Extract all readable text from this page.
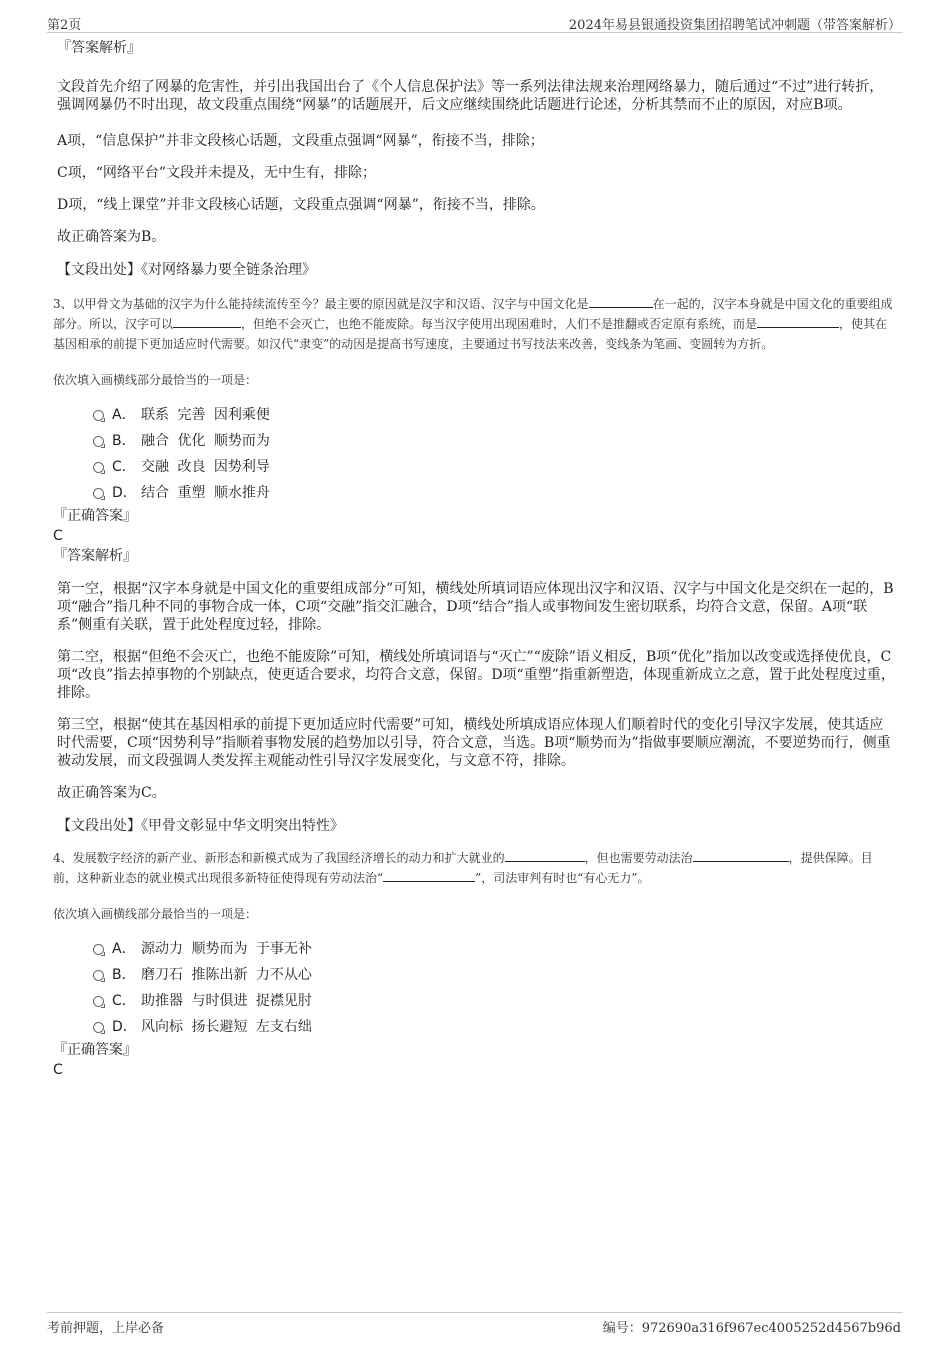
第2页	2024年易县银通投资集团招聘笔试冲刺题（带答案解析）
『答案解析』

文段首先介绍了网暴的危害性，并引出我国出台了《个人信息保护法》等一系列法律法规来治理网络暴力，随后通过“不过”进行转折，强调网暴仍不时出现，故文段重点围绕“网暴”的话题展开，后文应继续围绕此话题进行论述，分析其禁而不止的原因，对应B项。

A项，“信息保护”并非文段核心话题，文段重点强调“网暴”，衔接不当，排除；

C项，“网络平台”文段并未提及，无中生有，排除；

D项，“线上课堂”并非文段核心话题，文段重点强调“网暴”，衔接不当，排除。

故正确答案为B。

【文段出处】《对网络暴力要全链条治理》

3、以甲骨文为基础的汉字为什么能持续流传至今？最主要的原因就是汉字和汉语、汉字与中国文化是	在一起的，汉字本身就是中国文化的重要组成部分。所以，汉字可以	，但绝不会灭亡，也绝不能废除。每当汉字使用出现困难时，人们不是推翻或否定原有系统，而是	，使其在基因相承的前提下更加适应时代需要。如汉代“隶变”的动因是提高书写速度，主要通过书写技法来改善，变线条为笔画、变圆转为方折。

依次填入画横线部分最恰当的一项是：

A． 联系 完善 因利乘便
B． 融合 优化 顺势而为
C． 交融 改良 因势利导
D． 结合 重塑 顺水推舟
『正确答案』
C
『答案解析』

第一空，根据“汉字本身就是中国文化的重要组成部分”可知，横线处所填词语应体现出汉字和汉语、汉字与中国文化是交织在一起的，B项“融合”指几种不同的事物合成一体，C项“交融”指交汇融合，D项“结合”指人或事物间发生密切联系，均符合文意，保留。A项“联系”侧重有关联，置于此处程度过轻，排除。

第二空，根据“但绝不会灭亡，也绝不能废除”可知，横线处所填词语与“灭亡”“废除”语义相反，B项“优化”指加以改变或选择使优良，C项“改良”指去掉事物的个别缺点，使更适合要求，均符合文意，保留。D项“重塑”指重新塑造，体现重新成立之意，置于此处程度过重，排除。

第三空，根据“使其在基因相承的前提下更加适应时代需要”可知，横线处所填成语应体现人们顺着时代的变化引导汉字发展，使其适应时代需要，C项“因势利导”指顺着事物发展的趋势加以引导，符合文意，当选。B项“顺势而为”指做事要顺应潮流，不要逆势而行，侧重被动发展，而文段强调人类发挥主观能动性引导汉字发展变化，与文意不符，排除。

故正确答案为C。

【文段出处】《甲骨文彰显中华文明突出特性》

4、发展数字经济的新产业、新形态和新模式成为了我国经济增长的动力和扩大就业的	，但也需要劳动法治	，提供保障。目前，这种新业态的就业模式出现很多新特征使得现有劳动法治“	”，司法审判有时也“有心无力”。

依次填入画横线部分最恰当的一项是：

A． 源动力 顺势而为 于事无补
B． 磨刀石 推陈出新 力不从心
C． 助推器 与时俱进 捉襟见肘
D． 风向标 扬长避短 左支右绌
『正确答案』
C
考前押题，上岸必备	编号：972690a316f967ec4005252d4567b96d
